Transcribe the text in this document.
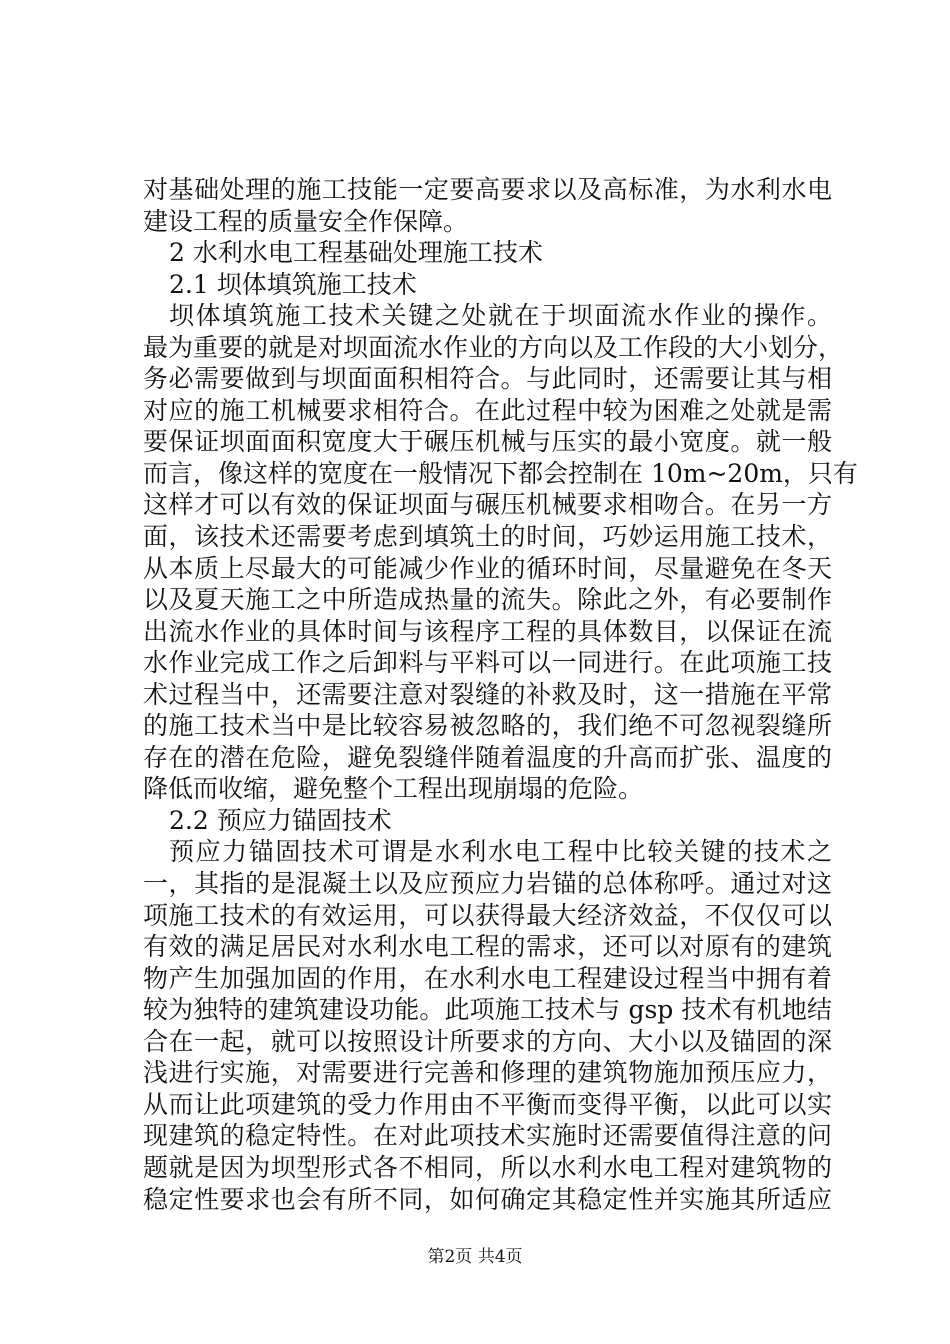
对基础处理的施工技能一定要高要求以及高标准，为水利水电
建设工程的质量安全作保障。
2 水利水电工程基础处理施工技术
2.1 坝体填筑施工技术
坝体填筑施工技术关键之处就在于坝面流水作业的操作。
最为重要的就是对坝面流水作业的方向以及工作段的大小划分，
务必需要做到与坝面面积相符合。与此同时，还需要让其与相
对应的施工机械要求相符合。在此过程中较为困难之处就是需
要保证坝面面积宽度大于碾压机械与压实的最小宽度。就一般
而言，像这样的宽度在一般情况下都会控制在 10m~20m，只有
这样才可以有效的保证坝面与碾压机械要求相吻合。在另一方
面，该技术还需要考虑到填筑土的时间，巧妙运用施工技术，
从本质上尽最大的可能减少作业的循环时间，尽量避免在冬天
以及夏天施工之中所造成热量的流失。除此之外，有必要制作
出流水作业的具体时间与该程序工程的具体数目，以保证在流
水作业完成工作之后卸料与平料可以一同进行。在此项施工技
术过程当中，还需要注意对裂缝的补救及时，这一措施在平常
的施工技术当中是比较容易被忽略的，我们绝不可忽视裂缝所
存在的潜在危险，避免裂缝伴随着温度的升高而扩张、温度的
降低而收缩，避免整个工程出现崩塌的危险。
2.2 预应力锚固技术
预应力锚固技术可谓是水利水电工程中比较关键的技术之
一，其指的是混凝土以及应预应力岩锚的总体称呼。通过对这
项施工技术的有效运用，可以获得最大经济效益，不仅仅可以
有效的满足居民对水利水电工程的需求，还可以对原有的建筑
物产生加强加固的作用，在水利水电工程建设过程当中拥有着
较为独特的建筑建设功能。此项施工技术与 gsp 技术有机地结
合在一起，就可以按照设计所要求的方向、大小以及锚固的深
浅进行实施，对需要进行完善和修理的建筑物施加预压应力，
从而让此项建筑的受力作用由不平衡而变得平衡，以此可以实
现建筑的稳定特性。在对此项技术实施时还需要值得注意的问
题就是因为坝型形式各不相同，所以水利水电工程对建筑物的
稳定性要求也会有所不同，如何确定其稳定性并实施其所适应
第2页 共4页
